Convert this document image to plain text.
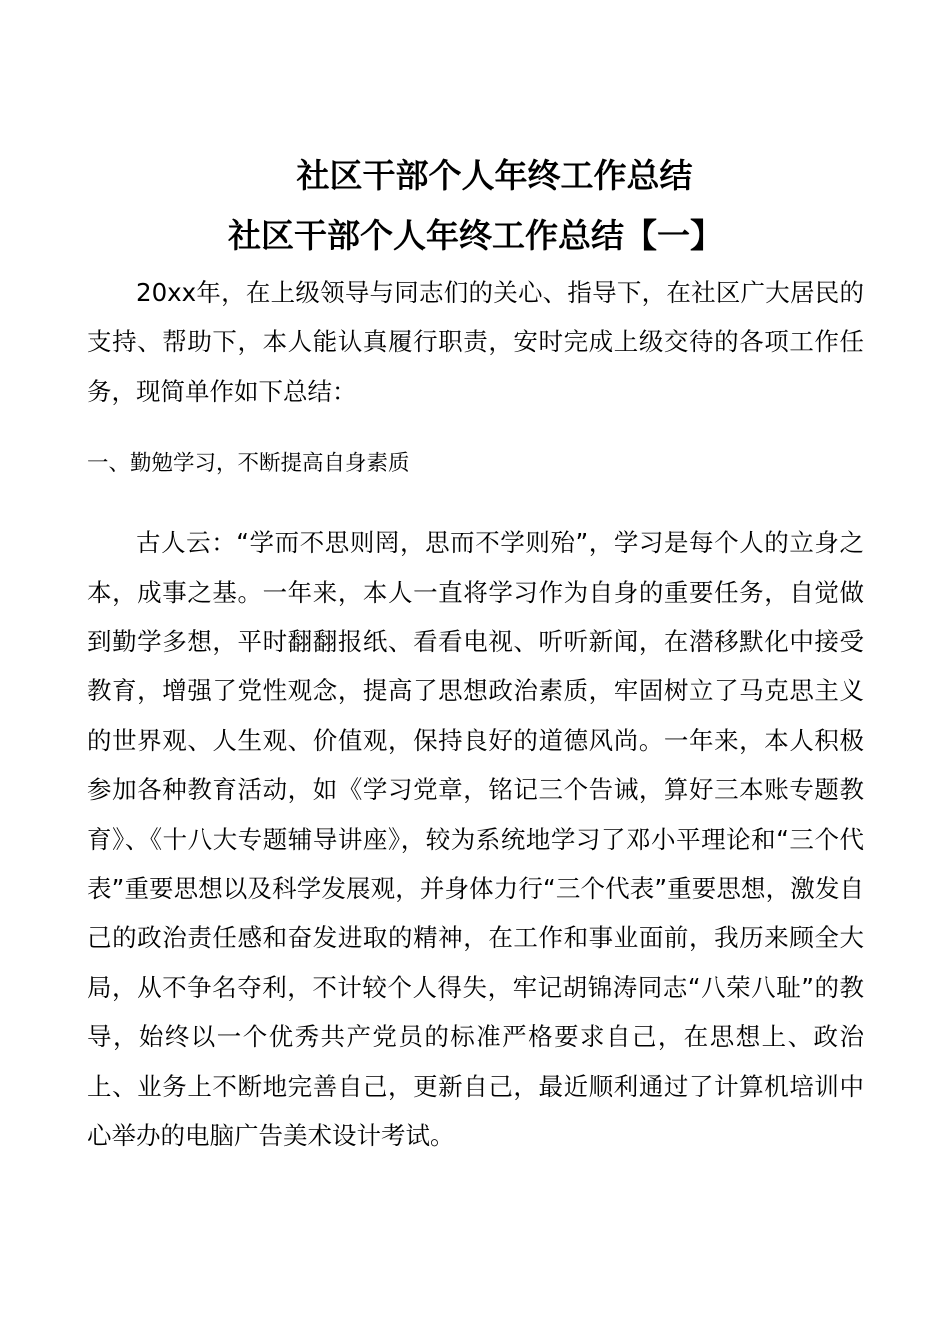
社区干部个人年终工作总结
社区干部个人年终工作总结【一】

20xx年，在上级领导与同志们的关心、指导下，在社区广大居民的支持、帮助下，本人能认真履行职责，安时完成上级交待的各项工作任务，现简单作如下总结：

一、勤勉学习，不断提高自身素质

古人云：“学而不思则罔，思而不学则殆”，学习是每个人的立身之本，成事之基。一年来，本人一直将学习作为自身的重要任务，自觉做到勤学多想，平时翻翻报纸、看看电视、听听新闻，在潜移默化中接受教育，增强了党性观念，提高了思想政治素质，牢固树立了马克思主义的世界观、人生观、价值观，保持良好的道德风尚。一年来，本人积极参加各种教育活动，如《学习党章，铭记三个告诫，算好三本账专题教育》、《十八大专题辅导讲座》，较为系统地学习了邓小平理论和“三个代表”重要思想以及科学发展观，并身体力行“三个代表”重要思想，激发自己的政治责任感和奋发进取的精神，在工作和事业面前，我历来顾全大局，从不争名夺利，不计较个人得失，牢记胡锦涛同志“八荣八耻”的教导，始终以一个优秀共产党员的标准严格要求自己，在思想上、政治上、业务上不断地完善自己，更新自己，最近顺利通过了计算机培训中心举办的电脑广告美术设计考试。
